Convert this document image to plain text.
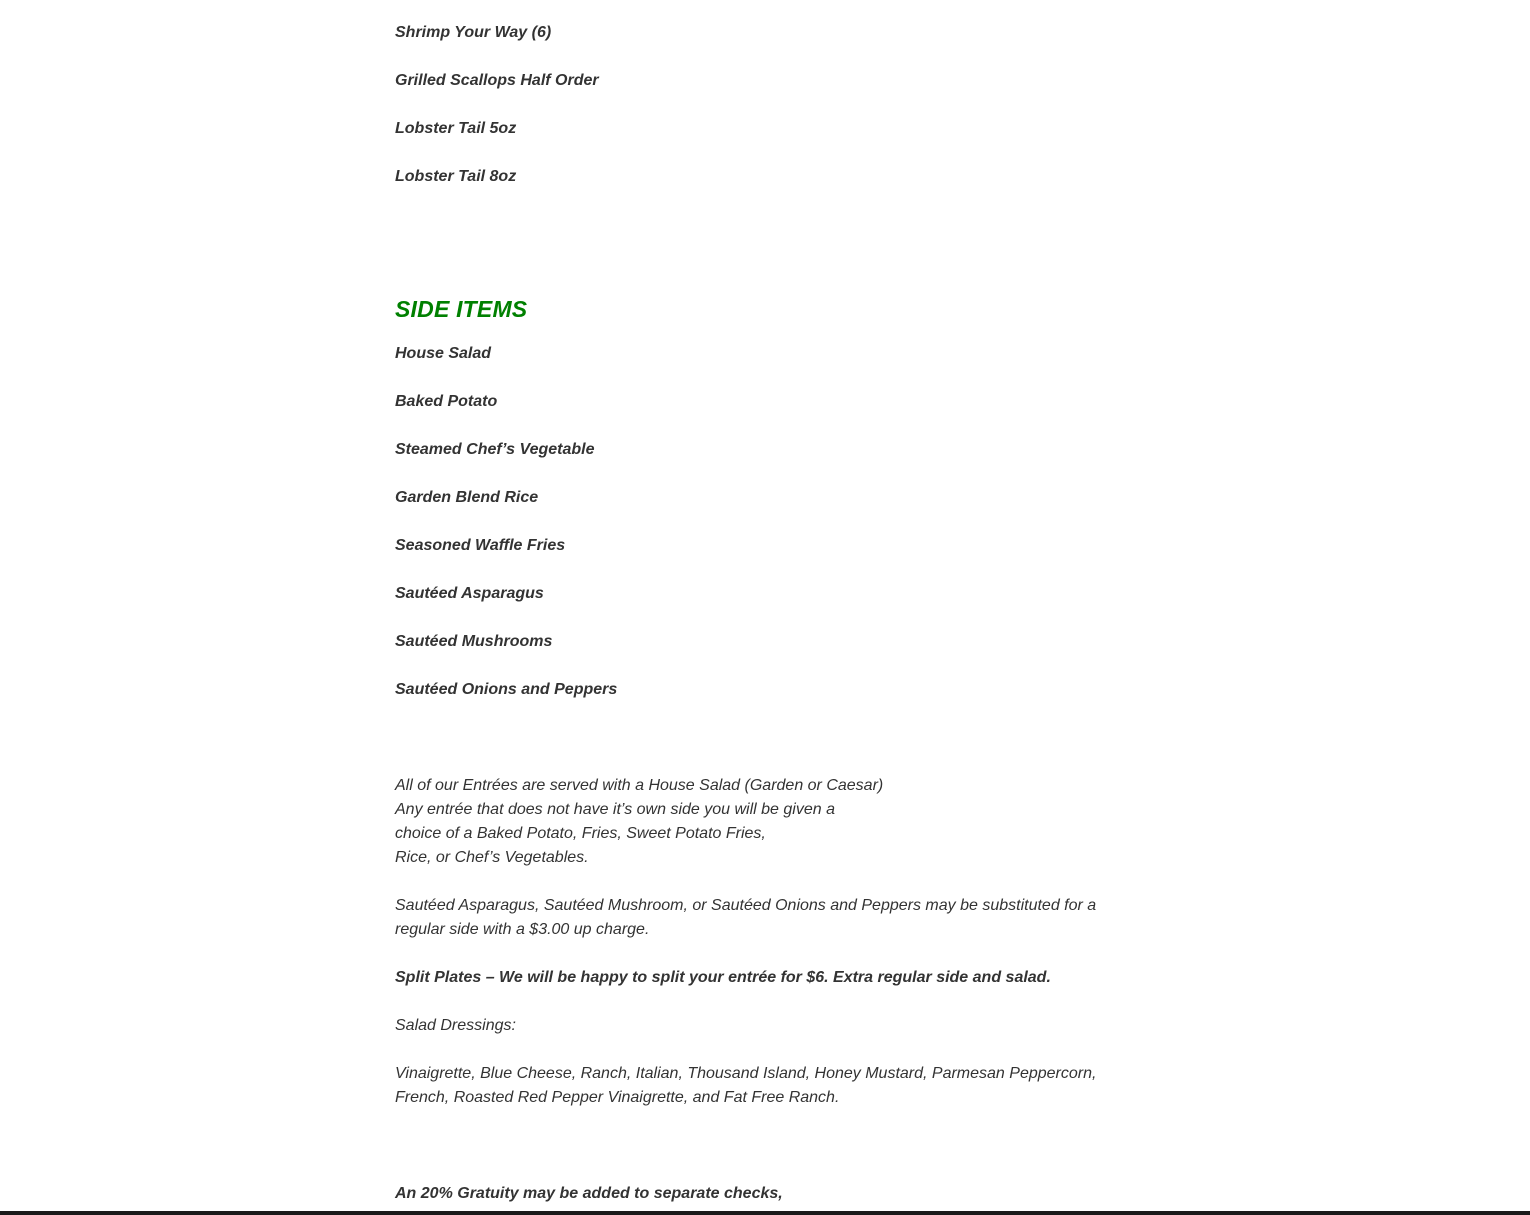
Shrimp Your Way (6)

Grilled Scallops Half Order

Lobster Tail 5oz

Lobster Tail 8oz

SIDE ITEMS

House Salad

Baked Potato

Steamed Chef’s Vegetable

Garden Blend Rice

Seasoned Waffle Fries

Sautéed Asparagus

Sautéed Mushrooms

Sautéed Onions and Peppers

All of our Entrées are served with a House Salad (Garden or Caesar)
Any entrée that does not have it’s own side you will be given a
choice of a Baked Potato, Fries, Sweet Potato Fries,
Rice, or Chef’s Vegetables.

Sautéed Asparagus, Sautéed Mushroom, or Sautéed Onions and Peppers may be substituted for a regular side with a $3.00 up charge.

Split Plates – We will be happy to split your entrée for $6. Extra regular side and salad.

Salad Dressings:

Vinaigrette, Blue Cheese, Ranch, Italian, Thousand Island, Honey Mustard, Parmesan Peppercorn, French, Roasted Red Pepper Vinaigrette, and Fat Free Ranch.

An 20% Gratuity may be added to separate checks,
